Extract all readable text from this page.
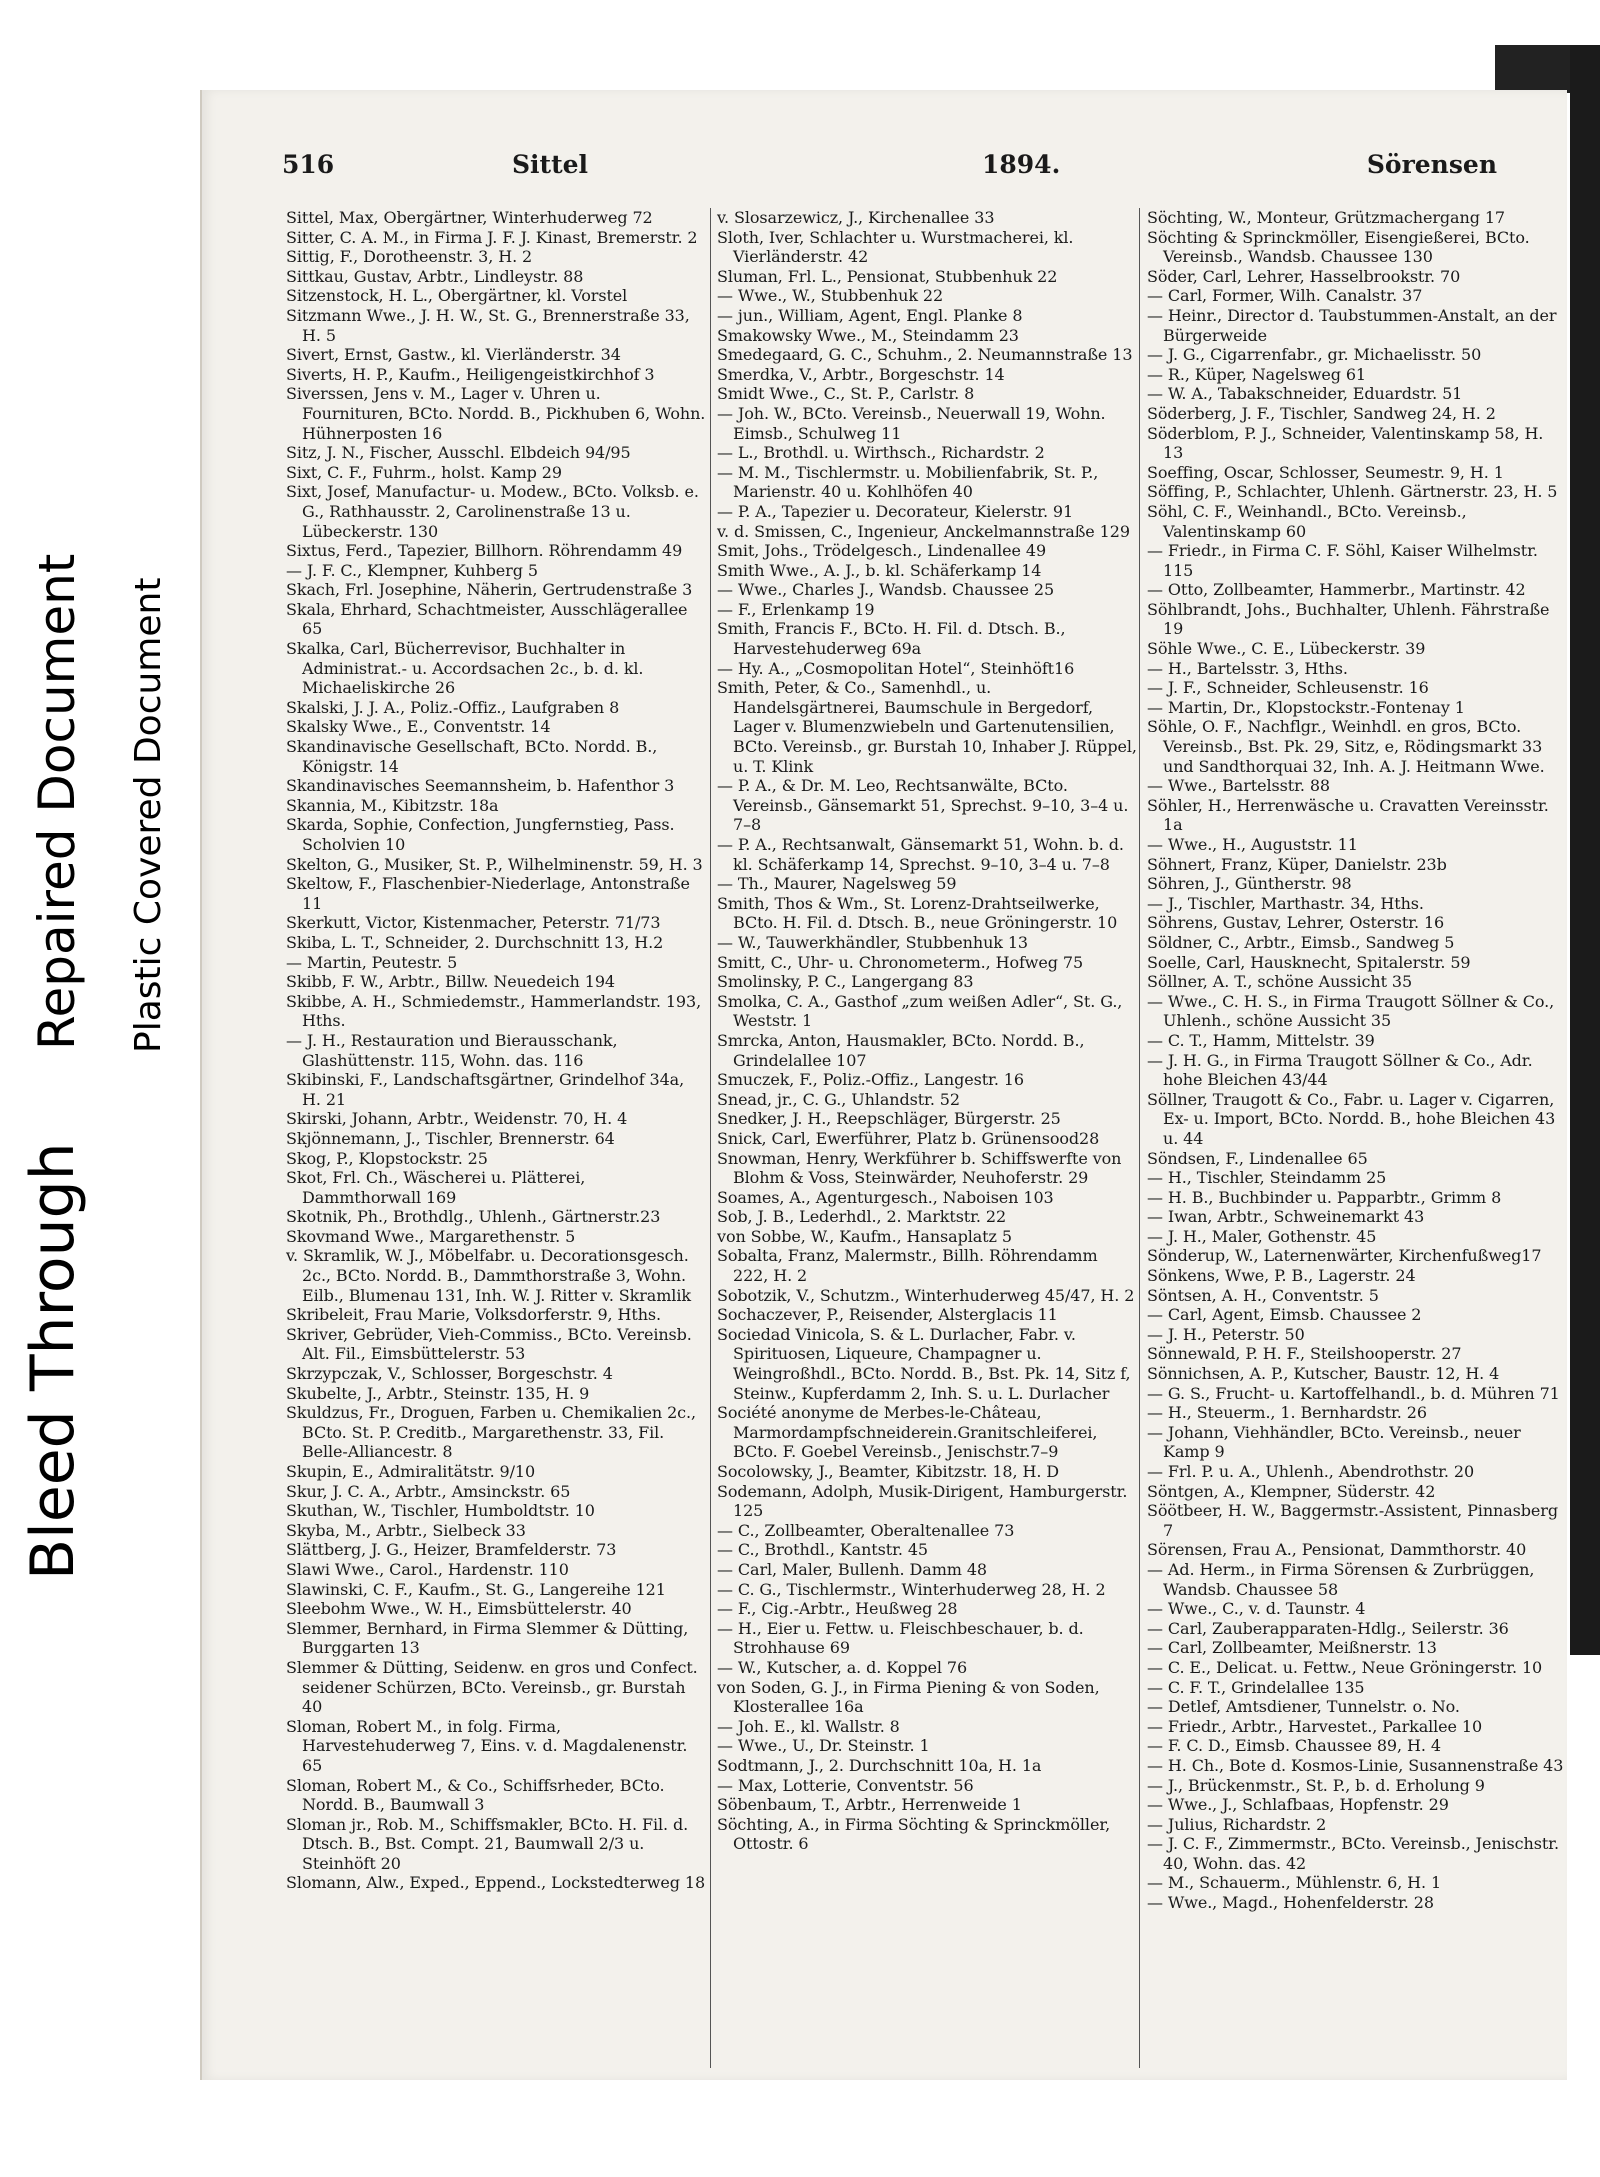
Bleed Through
Repaired Document Plastic Covered Document
516	Sittel	1894.	Sörensen
Sittel, Max, Obergärtner, Winterhuderweg 72
Sitter, C. A. M., in Firma J. F. J. Kinast, Bremerstr. 2
Sittig, F., Dorotheenstr. 3, H. 2
Sittkau, Gustav, Arbtr., Lindleystr. 88
Sitzenstock, H. L., Obergärtner, kl. Vorstel
Sitzmann Wwe., J. H. W., St. G., Brennerstraße 33, H. 5
Sivert, Ernst, Gastw., kl. Vierländerstr. 34
Siverts, H. P., Kaufm., Heiligengeistkirchhof 3
Siverssen, Jens v. M., Lager v. Uhren u. Fournituren, BCto. Nordd. B., Pickhuben 6, Wohn. Hühnerposten 16
Sitz, J. N., Fischer, Ausschl. Elbdeich 94/95
Sixt, C. F., Fuhrm., holst. Kamp 29
Sixt, Josef, Manufactur- u. Modew., BCto. Volksb. e. G., Rathhausstr. 2, Carolinenstraße 13 u. Lübeckerstr. 130
Sixtus, Ferd., Tapezier, Billhorn. Röhrendamm 49
— J. F. C., Klempner, Kuhberg 5
Skach, Frl. Josephine, Näherin, Gertrudenstraße 3
Skala, Ehrhard, Schachtmeister, Ausschlägerallee 65
Skalka, Carl, Bücherrevisor, Buchhalter in Administrat.- u. Accordsachen 2c., b. d. kl. Michaeliskirche 26
Skalski, J. J. A., Poliz.-Offiz., Laufgraben 8
Skalsky Wwe., E., Conventstr. 14
Skandinavische Gesellschaft, BCto. Nordd. B., Königstr. 14
Skandinavisches Seemannsheim, b. Hafenthor 3
Skannia, M., Kibitzstr. 18a
Skarda, Sophie, Confection, Jungfernstieg, Pass. Scholvien 10
Skelton, G., Musiker, St. P., Wilhelminenstr. 59, H. 3
Skeltow, F., Flaschenbier-Niederlage, Antonstraße 11
Skerkutt, Victor, Kistenmacher, Peterstr. 71/73
Skiba, L. T., Schneider, 2. Durchschnitt 13, H.2
— Martin, Peutestr. 5
Skibb, F. W., Arbtr., Billw. Neuedeich 194
Skibbe, A. H., Schmiedemstr., Hammerlandstr. 193, Hths.
— J. H., Restauration und Bierausschank, Glashüttenstr. 115, Wohn. das. 116
Skibinski, F., Landschaftsgärtner, Grindelhof 34a, H. 21
Skirski, Johann, Arbtr., Weidenstr. 70, H. 4
Skjönnemann, J., Tischler, Brennerstr. 64
Skog, P., Klopstockstr. 25
Skot, Frl. Ch., Wäscherei u. Plätterei, Dammthorwall 169
Skotnik, Ph., Brothdlg., Uhlenh., Gärtnerstr.23
Skovmand Wwe., Margarethenstr. 5
v. Skramlik, W. J., Möbelfabr. u. Decorationsgesch. 2c., BCto. Nordd. B., Dammthorstraße 3, Wohn. Eilb., Blumenau 131, Inh. W. J. Ritter v. Skramlik
Skribeleit, Frau Marie, Volksdorferstr. 9, Hths.
Skriver, Gebrüder, Vieh-Commiss., BCto. Vereinsb. Alt. Fil., Eimsbüttelerstr. 53
Skrzypczak, V., Schlosser, Borgeschstr. 4
Skubelte, J., Arbtr., Steinstr. 135, H. 9
Skuldzus, Fr., Droguen, Farben u. Chemikalien 2c., BCto. St. P. Creditb., Margarethenstr. 33, Fil. Belle-Alliancestr. 8
Skupin, E., Admiralitätstr. 9/10
Skur, J. C. A., Arbtr., Amsinckstr. 65
Skuthan, W., Tischler, Humboldtstr. 10
Skyba, M., Arbtr., Sielbeck 33
Slättberg, J. G., Heizer, Bramfelderstr. 73
Slawi Wwe., Carol., Hardenstr. 110
Slawinski, C. F., Kaufm., St. G., Langereihe 121
Sleebohm Wwe., W. H., Eimsbüttelerstr. 40
Slemmer, Bernhard, in Firma Slemmer & Dütting, Burggarten 13
Slemmer & Dütting, Seidenw. en gros und Confect. seidener Schürzen, BCto. Vereinsb., gr. Burstah 40
Sloman, Robert M., in folg. Firma, Harvestehuderweg 7, Eins. v. d. Magdalenenstr. 65
Sloman, Robert M., & Co., Schiffsrheder, BCto. Nordd. B., Baumwall 3
Sloman jr., Rob. M., Schiffsmakler, BCto. H. Fil. d. Dtsch. B., Bst. Compt. 21, Baumwall 2/3 u. Steinhöft 20
Slomann, Alw., Exped., Eppend., Lockstedterweg 18
v. Slosarzewicz, J., Kirchenallee 33
Sloth, Iver, Schlachter u. Wurstmacherei, kl. Vierländerstr. 42
Sluman, Frl. L., Pensionat, Stubbenhuk 22
— Wwe., W., Stubbenhuk 22
— jun., William, Agent, Engl. Planke 8
Smakowsky Wwe., M., Steindamm 23
Smedegaard, G. C., Schuhm., 2. Neumannstraße 13
Smerdka, V., Arbtr., Borgeschstr. 14
Smidt Wwe., C., St. P., Carlstr. 8
— Joh. W., BCto. Vereinsb., Neuerwall 19, Wohn. Eimsb., Schulweg 11
— L., Brothdl. u. Wirthsch., Richardstr. 2
— M. M., Tischlermstr. u. Mobilienfabrik, St. P., Marienstr. 40 u. Kohlhöfen 40
— P. A., Tapezier u. Decorateur, Kielerstr. 91
v. d. Smissen, C., Ingenieur, Anckelmannstraße 129
Smit, Johs., Trödelgesch., Lindenallee 49
Smith Wwe., A. J., b. kl. Schäferkamp 14
— Wwe., Charles J., Wandsb. Chaussee 25
— F., Erlenkamp 19
Smith, Francis F., BCto. H. Fil. d. Dtsch. B., Harvestehuderweg 69a
— Hy. A., „Cosmopolitan Hotel“, Steinhöft16
Smith, Peter, & Co., Samenhdl., u. Handelsgärtnerei, Baumschule in Bergedorf, Lager v. Blumenzwiebeln und Gartenutensilien, BCto. Vereinsb., gr. Burstah 10, Inhaber J. Rüppel, u. T. Klink
— P. A., & Dr. M. Leo, Rechtsanwälte, BCto. Vereinsb., Gänsemarkt 51, Sprechst. 9–10, 3–4 u. 7–8
— P. A., Rechtsanwalt, Gänsemarkt 51, Wohn. b. d. kl. Schäferkamp 14, Sprechst. 9–10, 3–4 u. 7–8
— Th., Maurer, Nagelsweg 59
Smith, Thos & Wm., St. Lorenz-Drahtseilwerke, BCto. H. Fil. d. Dtsch. B., neue Gröningerstr. 10
— W., Tauwerkhändler, Stubbenhuk 13
Smitt, C., Uhr- u. Chronometerm., Hofweg 75
Smolinsky, P. C., Langergang 83
Smolka, C. A., Gasthof „zum weißen Adler“, St. G., Weststr. 1
Smrcka, Anton, Hausmakler, BCto. Nordd. B., Grindelallee 107
Smuczek, F., Poliz.-Offiz., Langestr. 16
Snead, jr., C. G., Uhlandstr. 52
Snedker, J. H., Reepschläger, Bürgerstr. 25
Snick, Carl, Ewerführer, Platz b. Grünensood28
Snowman, Henry, Werkführer b. Schiffswerfte von Blohm & Voss, Steinwärder, Neuhoferstr. 29
Soames, A., Agenturgesch., Naboisen 103
Sob, J. B., Lederhdl., 2. Marktstr. 22
von Sobbe, W., Kaufm., Hansaplatz 5
Sobalta, Franz, Malermstr., Billh. Röhrendamm 222, H. 2
Sobotzik, V., Schutzm., Winterhuderweg 45/47, H. 2
Sochaczever, P., Reisender, Alsterglacis 11
Sociedad Vinicola, S. & L. Durlacher, Fabr. v. Spirituosen, Liqueure, Champagner u. Weingroßhdl., BCto. Nordd. B., Bst. Pk. 14, Sitz f, Steinw., Kupferdamm 2, Inh. S. u. L. Durlacher
Société anonyme de Merbes-le-Château, Marmordampfschneiderein.Granitschleiferei, BCto. F. Goebel Vereinsb., Jenischstr.7–9
Socolowsky, J., Beamter, Kibitzstr. 18, H. D
Sodemann, Adolph, Musik-Dirigent, Hamburgerstr. 125
— C., Zollbeamter, Oberaltenallee 73
— C., Brothdl., Kantstr. 45
— Carl, Maler, Bullenh. Damm 48
— C. G., Tischlermstr., Winterhuderweg 28, H. 2
— F., Cig.-Arbtr., Heußweg 28
— H., Eier u. Fettw. u. Fleischbeschauer, b. d. Strohhause 69
— W., Kutscher, a. d. Koppel 76
von Soden, G. J., in Firma Piening & von Soden, Klosterallee 16a
— Joh. E., kl. Wallstr. 8
— Wwe., U., Dr. Steinstr. 1
Sodtmann, J., 2. Durchschnitt 10a, H. 1a
— Max, Lotterie, Conventstr. 56
Söbenbaum, T., Arbtr., Herrenweide 1
Söchting, A., in Firma Söchting & Sprinckmöller, Ottostr. 6
Söchting, W., Monteur, Grützmachergang 17
Söchting & Sprinckmöller, Eisengießerei, BCto. Vereinsb., Wandsb. Chaussee 130
Söder, Carl, Lehrer, Hasselbrookstr. 70
— Carl, Former, Wilh. Canalstr. 37
— Heinr., Director d. Taubstummen-Anstalt, an der Bürgerweide
— J. G., Cigarrenfabr., gr. Michaelisstr. 50
— R., Küper, Nagelsweg 61
— W. A., Tabakschneider, Eduardstr. 51
Söderberg, J. F., Tischler, Sandweg 24, H. 2
Söderblom, P. J., Schneider, Valentinskamp 58, H. 13
Soeffing, Oscar, Schlosser, Seumestr. 9, H. 1
Söffing, P., Schlachter, Uhlenh. Gärtnerstr. 23, H. 5
Söhl, C. F., Weinhandl., BCto. Vereinsb., Valentinskamp 60
— Friedr., in Firma C. F. Söhl, Kaiser Wilhelmstr. 115
— Otto, Zollbeamter, Hammerbr., Martinstr. 42
Söhlbrandt, Johs., Buchhalter, Uhlenh. Fährstraße 19
Söhle Wwe., C. E., Lübeckerstr. 39
— H., Bartelsstr. 3, Hths.
— J. F., Schneider, Schleusenstr. 16
— Martin, Dr., Klopstockstr.-Fontenay 1
Söhle, O. F., Nachflgr., Weinhdl. en gros, BCto. Vereinsb., Bst. Pk. 29, Sitz, e, Rödingsmarkt 33 und Sandthorquai 32, Inh. A. J. Heitmann Wwe.
— Wwe., Bartelsstr. 88
Söhler, H., Herrenwäsche u. Cravatten Vereinsstr. 1a
— Wwe., H., Auguststr. 11
Söhnert, Franz, Küper, Danielstr. 23b
Söhren, J., Güntherstr. 98
— J., Tischler, Marthastr. 34, Hths.
Söhrens, Gustav, Lehrer, Osterstr. 16
Söldner, C., Arbtr., Eimsb., Sandweg 5
Soelle, Carl, Hausknecht, Spitalerstr. 59
Söllner, A. T., schöne Aussicht 35
— Wwe., C. H. S., in Firma Traugott Söllner & Co., Uhlenh., schöne Aussicht 35
— C. T., Hamm, Mittelstr. 39
— J. H. G., in Firma Traugott Söllner & Co., Adr. hohe Bleichen 43/44
Söllner, Traugott & Co., Fabr. u. Lager v. Cigarren, Ex- u. Import, BCto. Nordd. B., hohe Bleichen 43 u. 44
Söndsen, F., Lindenallee 65
— H., Tischler, Steindamm 25
— H. B., Buchbinder u. Papparbtr., Grimm 8
— Iwan, Arbtr., Schweinemarkt 43
— J. H., Maler, Gothenstr. 45
Sönderup, W., Laternenwärter, Kirchenfußweg17
Sönkens, Wwe, P. B., Lagerstr. 24
Söntsen, A. H., Conventstr. 5
— Carl, Agent, Eimsb. Chaussee 2
— J. H., Peterstr. 50
Sönnewald, P. H. F., Steilshooperstr. 27
Sönnichsen, A. P., Kutscher, Baustr. 12, H. 4
— G. S., Frucht- u. Kartoffelhandl., b. d. Mühren 71
— H., Steuerm., 1. Bernhardstr. 26
— Johann, Viehhändler, BCto. Vereinsb., neuer Kamp 9
— Frl. P. u. A., Uhlenh., Abendrothstr. 20
Söntgen, A., Klempner, Süderstr. 42
Söötbeer, H. W., Baggermstr.-Assistent, Pinnasberg 7
Sörensen, Frau A., Pensionat, Dammthorstr. 40
— Ad. Herm., in Firma Sörensen & Zurbrüggen, Wandsb. Chaussee 58
— Wwe., C., v. d. Taunstr. 4
— Carl, Zauberapparaten-Hdlg., Seilerstr. 36
— Carl, Zollbeamter, Meißnerstr. 13
— C. E., Delicat. u. Fettw., Neue Gröningerstr. 10
— C. F. T., Grindelallee 135
— Detlef, Amtsdiener, Tunnelstr. o. No.
— Friedr., Arbtr., Harvestet., Parkallee 10
— F. C. D., Eimsb. Chaussee 89, H. 4
— H. Ch., Bote d. Kosmos-Linie, Susannenstraße 43
— J., Brückenmstr., St. P., b. d. Erholung 9
— Wwe., J., Schlafbaas, Hopfenstr. 29
— Julius, Richardstr. 2
— J. C. F., Zimmermstr., BCto. Vereinsb., Jenischstr. 40, Wohn. das. 42
— M., Schauerm., Mühlenstr. 6, H. 1
— Wwe., Magd., Hohenfelderstr. 28
